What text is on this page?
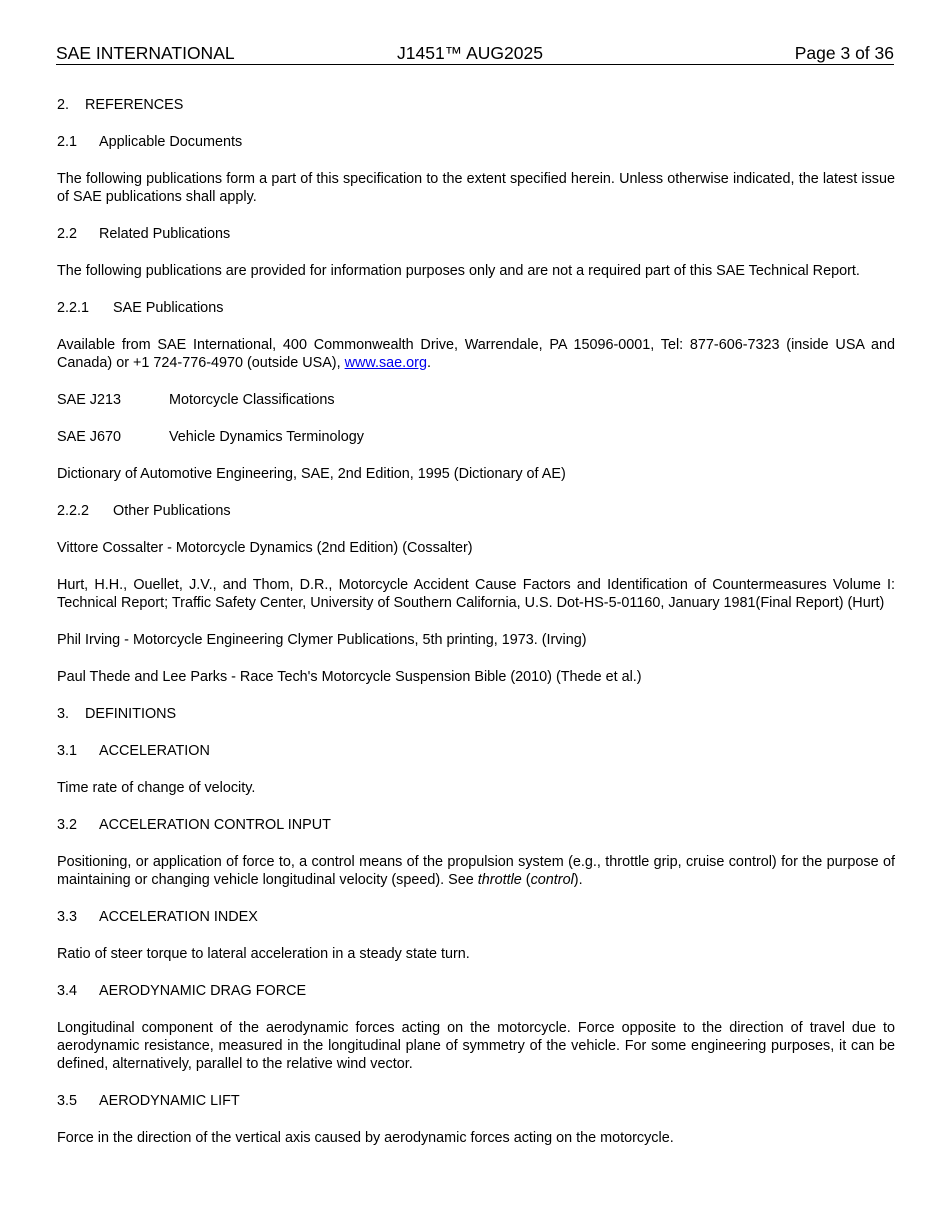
SAE INTERNATIONAL	J1451™ AUG2025	Page 3 of 36
2.	REFERENCES
2.1	Applicable Documents

The following publications form a part of this specification to the extent specified herein. Unless otherwise indicated, the latest issue of SAE publications shall apply.

2.2	Related Publications

The following publications are provided for information purposes only and are not a required part of this SAE Technical Report.

2.2.1	SAE Publications

Available from SAE International, 400 Commonwealth Drive, Warrendale, PA 15096-0001, Tel: 877-606-7323 (inside USA and Canada) or +1 724-776-4970 (outside USA), www.sae.org.

SAE J213	Motorcycle Classifications
SAE J670	Vehicle Dynamics Terminology

Dictionary of Automotive Engineering, SAE, 2nd Edition, 1995 (Dictionary of AE)

2.2.2	Other Publications

Vittore Cossalter - Motorcycle Dynamics (2nd Edition) (Cossalter)

Hurt, H.H., Ouellet, J.V., and Thom, D.R., Motorcycle Accident Cause Factors and Identification of Countermeasures Volume I: Technical Report; Traffic Safety Center, University of Southern California, U.S. Dot-HS-5-01160, January 1981(Final Report) (Hurt)

Phil Irving - Motorcycle Engineering Clymer Publications, 5th printing, 1973. (Irving)

Paul Thede and Lee Parks - Race Tech's Motorcycle Suspension Bible (2010) (Thede et al.)

3.	DEFINITIONS
3.1	ACCELERATION

Time rate of change of velocity.

3.2	ACCELERATION CONTROL INPUT

Positioning, or application of force to, a control means of the propulsion system (e.g., throttle grip, cruise control) for the purpose of maintaining or changing vehicle longitudinal velocity (speed). See throttle (control).

3.3	ACCELERATION INDEX

Ratio of steer torque to lateral acceleration in a steady state turn.

3.4	AERODYNAMIC DRAG FORCE

Longitudinal component of the aerodynamic forces acting on the motorcycle. Force opposite to the direction of travel due to aerodynamic resistance, measured in the longitudinal plane of symmetry of the vehicle. For some engineering purposes, it can be defined, alternatively, parallel to the relative wind vector.

3.5	AERODYNAMIC LIFT

Force in the direction of the vertical axis caused by aerodynamic forces acting on the motorcycle.
